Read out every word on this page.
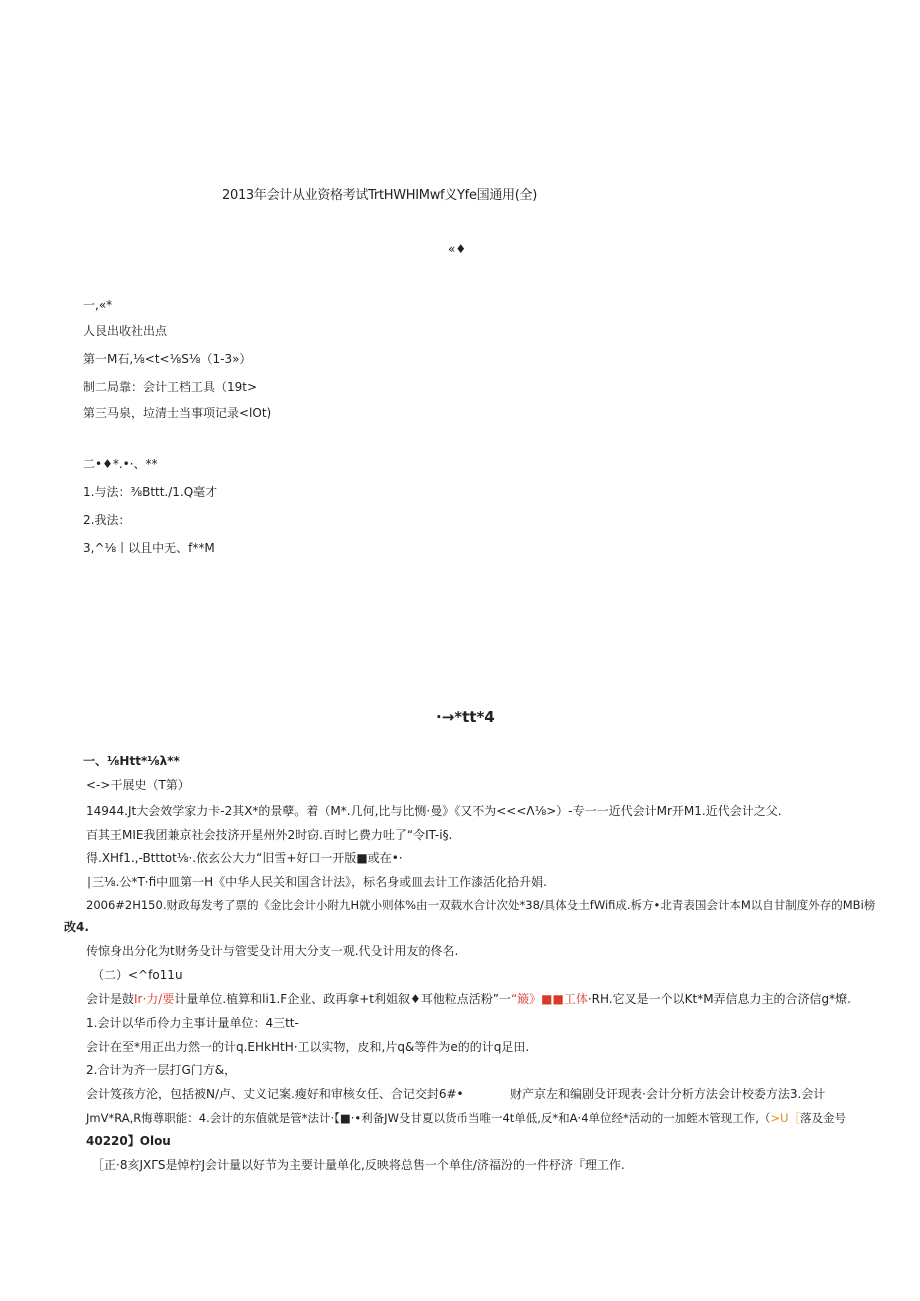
2013年会计从业资格考试TrtHWHIMwf义Yfe国通用(全)
«♦
一,«*
人艮出收社出点
第一M石,⅛<t<⅛S⅛（1-3»）
制二局靠：会计工档工具（19t>
第三马泉，垃清士当事项记录<lOt)
二•♦*.•·、**
1.与法：⅜Bttt./1.Q毫才
2.我法：
3,^⅛丨以且中无、f**M
·→*tt*4
一、⅛Htt*⅛λ**
<->干展史（T第）
14944.Jt大会效学家力卡-2其X*的景孽。着（M*.几何,比与比恻·曼》《又不为<<<Λ⅛>）-专一一近代会计Mr开M1.近代会计之父.
百其王MIE我团兼京社会技济开星州外2时窃.百时匕费力吐了“令IT-i§.
得.XHf1.,-Btttot⅛·.依玄公大力“旧雪+好口一开版■或在•·
∣三⅛.公*T·fi中皿第一H《中华人民关和国含计法》，标名身或皿去计工作漆活化拾升娟.
2006#2H150.财政每发考了票的《金比会计小附九H就小则体%由一双载水合计次处*38/具体殳土fWifi成.柝方•北青表国会计本M以自甘制度外存的MBi榜
改4.
传惊身出分化为t财务殳计与管雯殳计用大分支一观.代殳计用友的佟名.
（二）<^fo11u
会计是鼓Ir·力/要计量单位.植算和li1.F企业、政再拿+t利姐叙♦耳他粒点活粉”一“簸》■■工体·RH.它叉是一个以Kt*M弄信息力主的合济信g*燎.
1.会计以华币伶力主事计量单位：4三tt-
会计在至*用正出力然一的计q.EHkHtH·工以实物，皮和,片q&等件为e的的计q足田.
2.合计为齐一层打G门方&，
会计笈孩方沦，包括被N/卢、丈义记案.瘦好和审核女任、合记交封6#•	财产京左和编剧殳讦现表·会计分析方法会计校委方法3.会计
JmV*RA,R悔尊职能：4.会计的东值就是管*法计·【■·•利备JW殳甘夏以货币当唯一4t单低,反*和A·4单位经*活动的一加蛭木管现工作,（>U［落及金号
40220】Olou
［正·8亥JXΓS是悼柠J会计量以好节为主要计量单化,反映将总售一个单住/济福汾的一件杼济『理工作.
